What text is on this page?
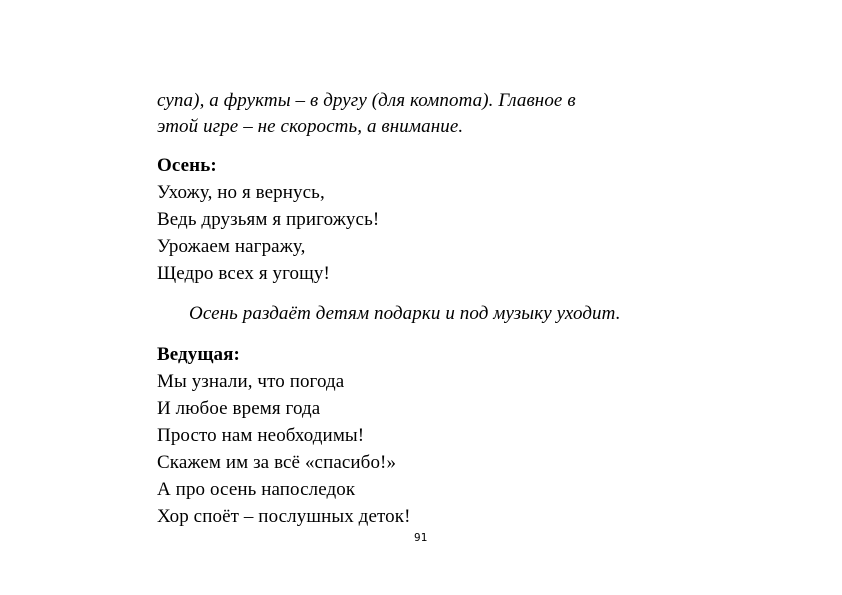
супа), а фрукты – в другу (для компота). Главное в
этой игре – не скорость, а внимание.
Осень:
Ухожу, но я вернусь,
Ведь друзьям я пригожусь!
Урожаем награжу,
Щедро всех я угощу!
Осень раздаёт детям подарки и под музыку уходит.
Ведущая:
Мы узнали, что погода
И любое время года
Просто нам необходимы!
Скажем им за всё «спасибо!»
А про осень напоследок
Хор споёт – послушных деток!
91
